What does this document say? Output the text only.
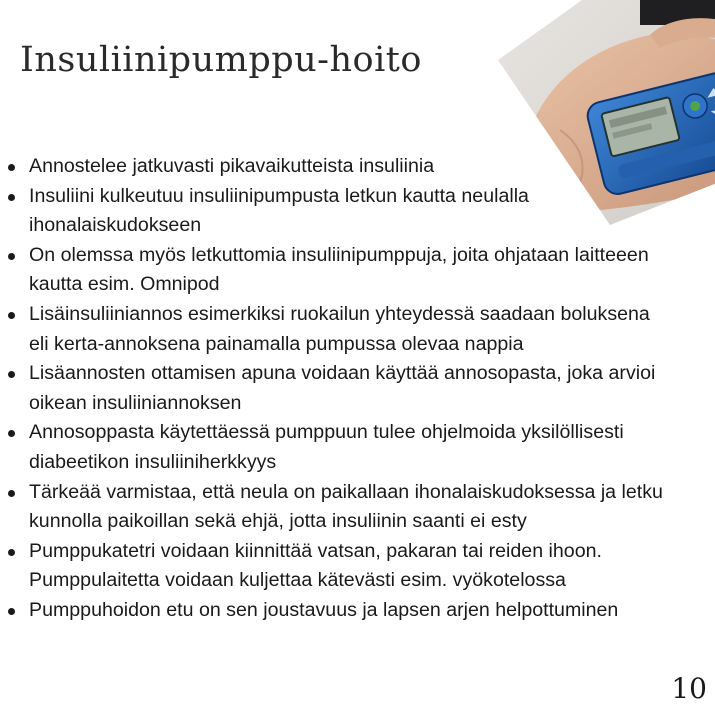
Insuliinipumppu-hoito
Annostelee jatkuvasti pikavaikutteista insuliinia
Insuliini kulkeutuu insuliinipumpusta letkun kautta neulalla ihonalaiskudokseen
On olemssa myös letkuttomia insuliinipumppuja, joita ohjataan laitteeen kautta esim. Omnipod
Lisäinsuliiniannos esimerkiksi ruokailun yhteydessä saadaan boluksena eli kerta-annoksena painamalla pumpussa olevaa nappia
Lisäannosten ottamisen apuna voidaan käyttää annosopasta, joka arvioi oikean insuliiniannoksen
Annosoppasta käytettäessä pumppuun tulee ohjelmoida yksilöllisesti diabeetikon insuliiniherkkyys
Tärkeää varmistaa, että neula on paikallaan ihonalaiskudoksessa ja letku kunnolla paikoillan sekä ehjä, jotta insuliinin saanti ei esty
Pumppukatetri voidaan kiinnittää vatsan, pakaran tai reiden ihoon. Pumppulaitetta voidaan kuljettaa kätevästi esim. vyökotelossa
Pumppuhoidon etu on sen joustavuus ja lapsen arjen helpottuminen
10
